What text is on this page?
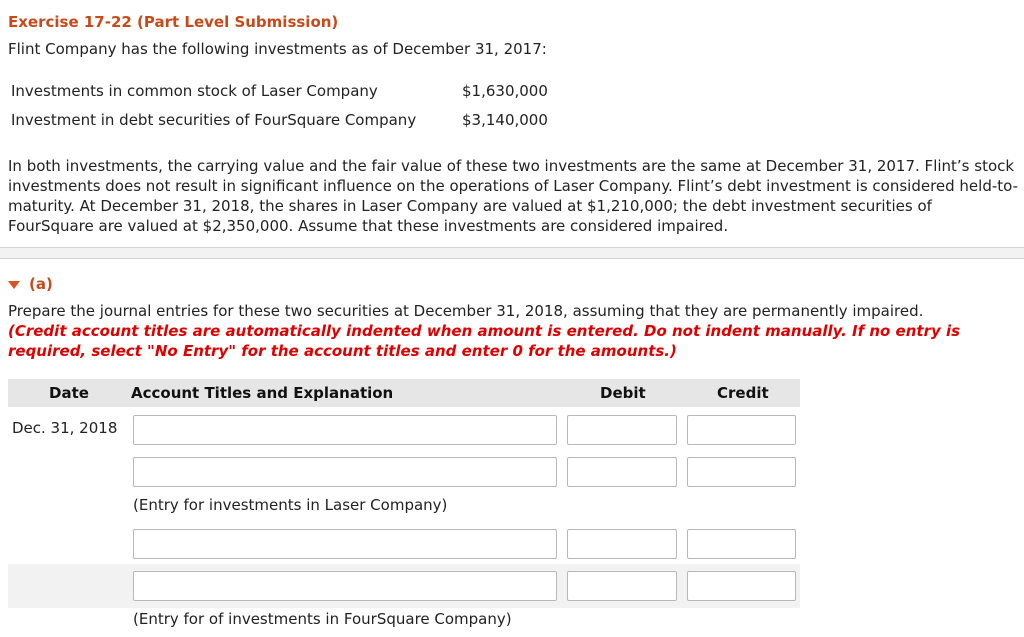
Exercise 17-22 (Part Level Submission)
Flint Company has the following investments as of December 31, 2017:
Investments in common stock of Laser Company	$1,630,000
Investment in debt securities of FourSquare Company	$3,140,000
In both investments, the carrying value and the fair value of these two investments are the same at December 31, 2017. Flint’s stock investments does not result in significant influence on the operations of Laser Company. Flint’s debt investment is considered held-to-maturity. At December 31, 2018, the shares in Laser Company are valued at $1,210,000; the debt investment securities of FourSquare are valued at $2,350,000. Assume that these investments are considered impaired.
(a)
Prepare the journal entries for these two securities at December 31, 2018, assuming that they are permanently impaired.
(Credit account titles are automatically indented when amount is entered. Do not indent manually. If no entry is required, select "No Entry" for the account titles and enter 0 for the amounts.)
Date	Account Titles and Explanation	Debit	Credit
Dec. 31, 2018
(Entry for investments in Laser Company)
(Entry for of investments in FourSquare Company)
